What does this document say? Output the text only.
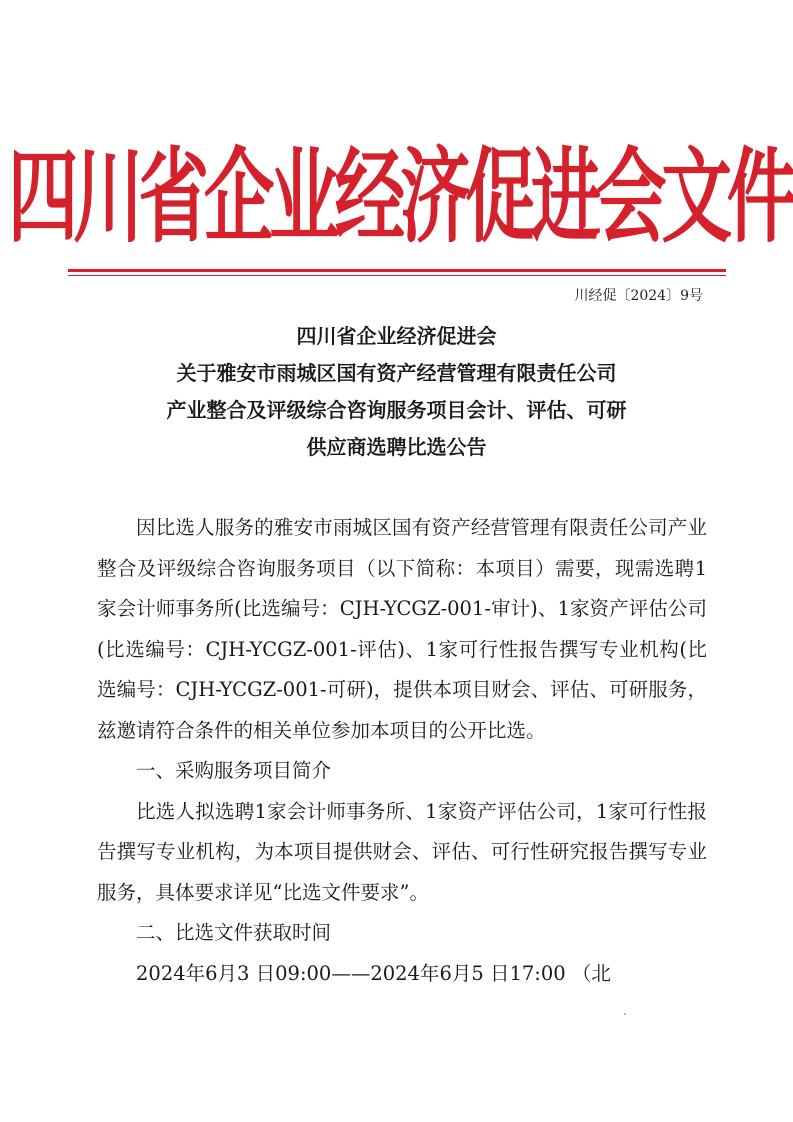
四川省企业经济促进会文件
川经促〔2024〕9号
四川省企业经济促进会
关于雅安市雨城区国有资产经营管理有限责任公司
产业整合及评级综合咨询服务项目会计、评估、可研
供应商选聘比选公告

因比选人服务的雅安市雨城区国有资产经营管理有限责任公司产业整合及评级综合咨询服务项目（以下简称：本项目）需要，现需选聘1家会计师事务所(比选编号：CJH-YCGZ-001-审计)、1家资产评估公司(比选编号：CJH-YCGZ-001-评估)、1家可行性报告撰写专业机构(比选编号：CJH-YCGZ-001-可研)，提供本项目财会、评估、可研服务，兹邀请符合条件的相关单位参加本项目的公开比选。

一、采购服务项目简介

比选人拟选聘1家会计师事务所、1家资产评估公司，1家可行性报告撰写专业机构，为本项目提供财会、评估、可行性研究报告撰写专业服务，具体要求详见“比选文件要求”。

二、比选文件获取时间

2024年6月3 日09:00——2024年6月5 日17:00 （北
